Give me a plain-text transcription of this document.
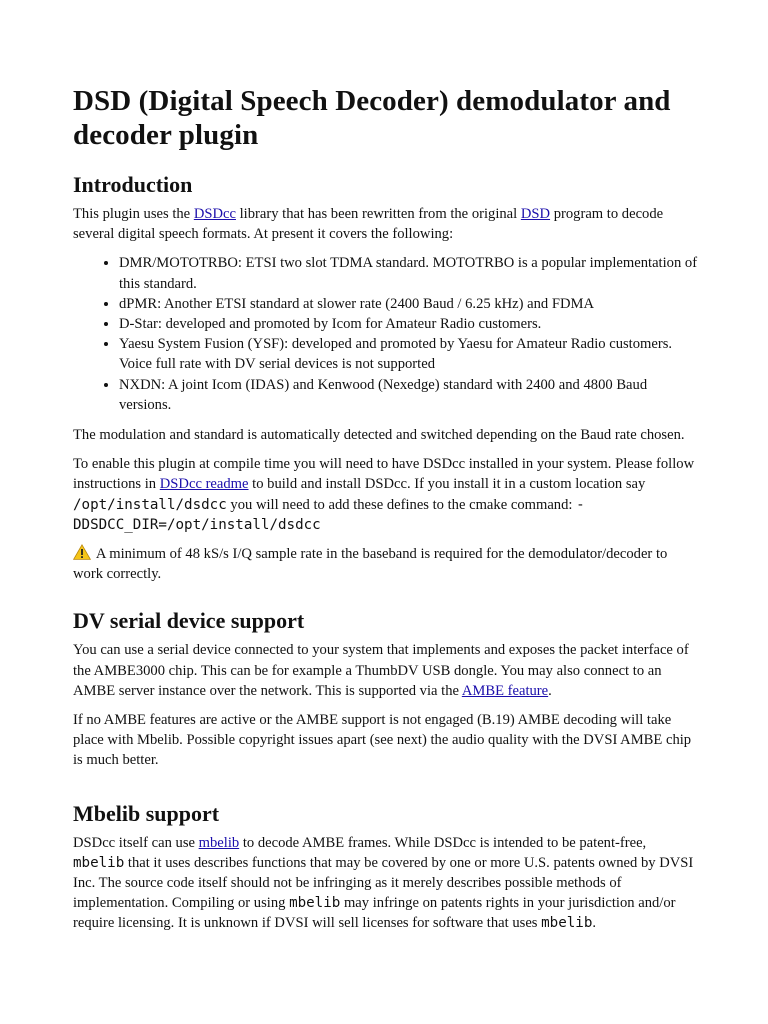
DSD (Digital Speech Decoder) demodulator and decoder plugin
Introduction

This plugin uses the DSDcc library that has been rewritten from the original DSD program to decode several digital speech formats. At present it covers the following:

• DMR/MOTOTRBO: ETSI two slot TDMA standard. MOTOTRBO is a popular implementation of this standard.
• dPMR: Another ETSI standard at slower rate (2400 Baud / 6.25 kHz) and FDMA
• D-Star: developed and promoted by Icom for Amateur Radio customers.
• Yaesu System Fusion (YSF): developed and promoted by Yaesu for Amateur Radio customers. Voice full rate with DV serial devices is not supported
• NXDN: A joint Icom (IDAS) and Kenwood (Nexedge) standard with 2400 and 4800 Baud versions.

The modulation and standard is automatically detected and switched depending on the Baud rate chosen.

To enable this plugin at compile time you will need to have DSDcc installed in your system. Please follow instructions in DSDcc readme to build and install DSDcc. If you install it in a custom location say /opt/install/dsdcc you will need to add these defines to the cmake command: -DDSDCC_DIR=/opt/install/dsdcc

A minimum of 48 kS/s I/Q sample rate in the baseband is required for the demodulator/decoder to work correctly.

DV serial device support

You can use a serial device connected to your system that implements and exposes the packet interface of the AMBE3000 chip. This can be for example a ThumbDV USB dongle. You may also connect to an AMBE server instance over the network. This is supported via the AMBE feature.

If no AMBE features are active or the AMBE support is not engaged (B.19) AMBE decoding will take place with Mbelib. Possible copyright issues apart (see next) the audio quality with the DVSI AMBE chip is much better.

Mbelib support

DSDcc itself can use mbelib to decode AMBE frames. While DSDcc is intended to be patent-free, mbelib that it uses describes functions that may be covered by one or more U.S. patents owned by DVSI Inc. The source code itself should not be infringing as it merely describes possible methods of implementation. Compiling or using mbelib may infringe on patents rights in your jurisdiction and/or require licensing. It is unknown if DVSI will sell licenses for software that uses mbelib.
